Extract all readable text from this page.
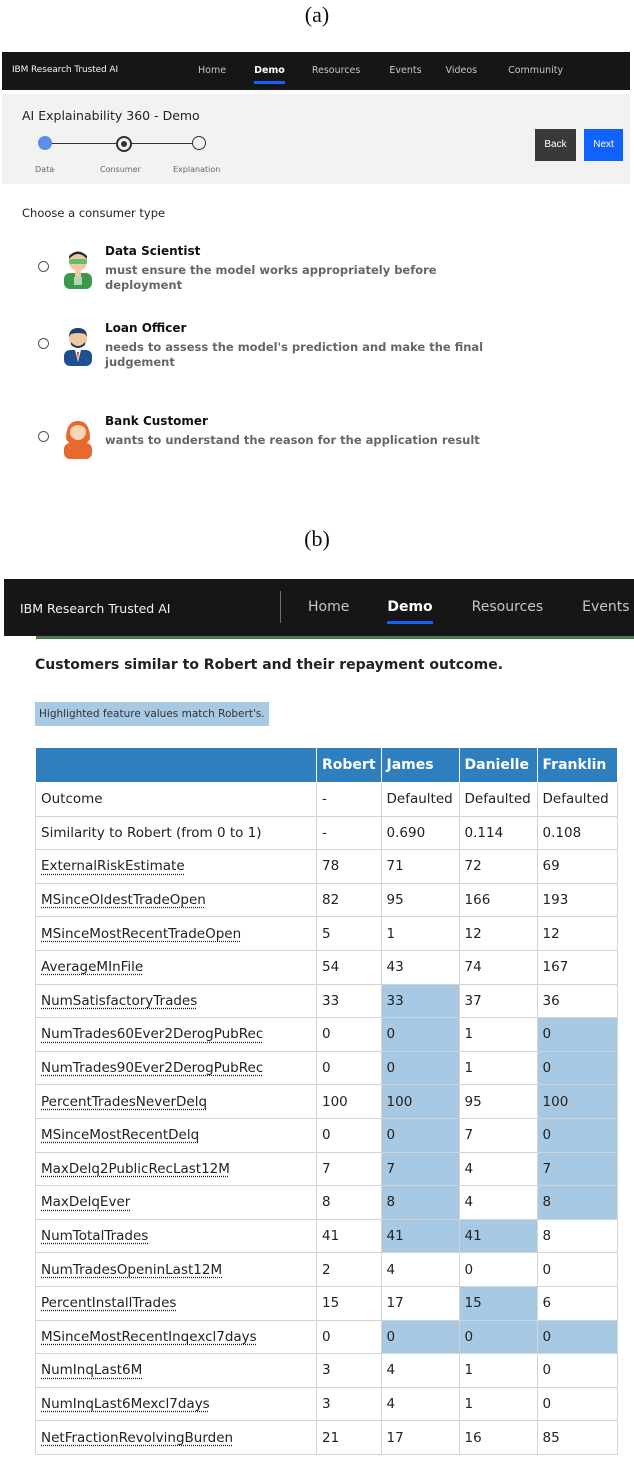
(a)
(b)
IBM Research Trusted AI	Home	Demo	Resources	Events	Videos	Community
AI Explainability 360 - Demo
Data	Consumer	Explanation
Back	Next
Choose a consumer type
Data Scientist
must ensure the model works appropriately before deployment
Loan Officer
needs to assess the model's prediction and make the final judgement
Bank Customer
wants to understand the reason for the application result
IBM Research Trusted AI	Home	Demo	Resources	Events
Customers similar to Robert and their repayment outcome.
Highlighted feature values match Robert's.
	Robert	James	Danielle	Franklin
Outcome	-	Defaulted	Defaulted	Defaulted
Similarity to Robert (from 0 to 1)	-	0.690	0.114	0.108
ExternalRiskEstimate	78	71	72	69
MSinceOldestTradeOpen	82	95	166	193
MSinceMostRecentTradeOpen	5	1	12	12
AverageMInFile	54	43	74	167
NumSatisfactoryTrades	33	33	37	36
NumTrades60Ever2DerogPubRec	0	0	1	0
NumTrades90Ever2DerogPubRec	0	0	1	0
PercentTradesNeverDelq	100	100	95	100
MSinceMostRecentDelq	0	0	7	0
MaxDelq2PublicRecLast12M	7	7	4	7
MaxDelqEver	8	8	4	8
NumTotalTrades	41	41	41	8
NumTradesOpeninLast12M	2	4	0	0
PercentInstallTrades	15	17	15	6
MSinceMostRecentInqexcl7days	0	0	0	0
NumInqLast6M	3	4	1	0
NumInqLast6Mexcl7days	3	4	1	0
NetFractionRevolvingBurden	21	17	16	85
